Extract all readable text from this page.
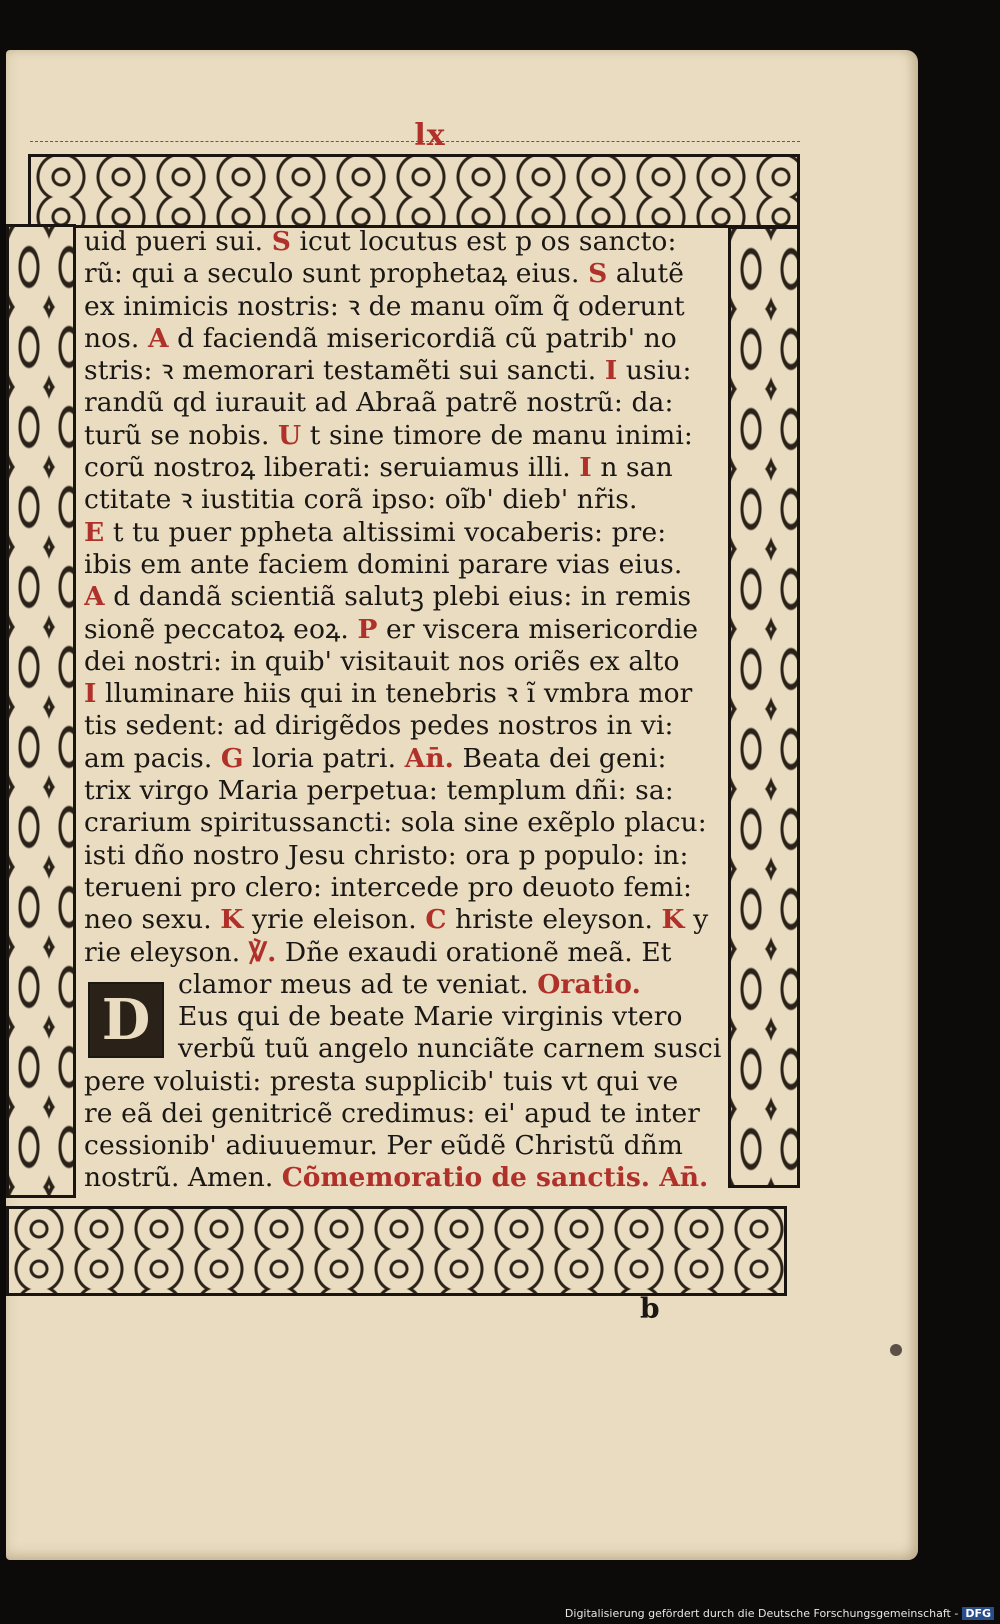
lx
uid pueri sui. S icut locutus est p os sancto:
rũ: qui a seculo sunt prophetaꝝ eius. S alutẽ
ex inimicis nostris: ꝛ de manu oĩm q̃ oderunt
nos. A d faciendã misericordiã cũ patrib' no
stris: ꝛ memorari testamẽti sui sancti. I usiu:
randũ qd iurauit ad Abraã patrẽ nostrũ: da:
turũ se nobis. U t sine timore de manu inimi:
corũ nostroꝝ liberati: seruiamus illi. I n san
ctitate ꝛ iustitia corã ipso: oĩb' dieb' nr̃is.
E t tu puer ppheta altissimi vocaberis: pre:
ibis em ante faciem domini parare vias eius.
A d dandã scientiã salutꝫ plebi eius: in remis
sionẽ peccatoꝝ eoꝝ. P er viscera misericordie
dei nostri: in quib' visitauit nos oriẽs ex alto
I lluminare hiis qui in tenebris ꝛ ĩ vmbra mor
tis sedent: ad dirigẽdos pedes nostros in vi:
am pacis. G loria patri. An̄. Beata dei geni:
trix virgo Maria perpetua: templum dñi: sa:
crarium spiritussancti: sola sine exẽplo placu:
isti dño nostro Jesu christo: ora p populo: in:
terueni pro clero: intercede pro deuoto femi:
neo sexu. K yrie eleison. C hriste eleyson. K y
rie eleyson. ℣. Dñe exaudi orationẽ meã. Et
clamor meus ad te veniat. Oratio.
Eus qui de beate Marie virginis vtero
verbũ tuũ angelo nunciãte carnem susci
pere voluisti: presta supplicib' tuis vt qui ve
re eã dei genitricẽ credimus: ei' apud te inter
cessionib' adiuuemur. Per eũdẽ Christũ dñm
D
nostrũ. Amen. Cõmemoratio de sanctis. An̄.
b
Digitalisierung gefördert durch die Deutsche Forschungsgemeinschaft - DFG
